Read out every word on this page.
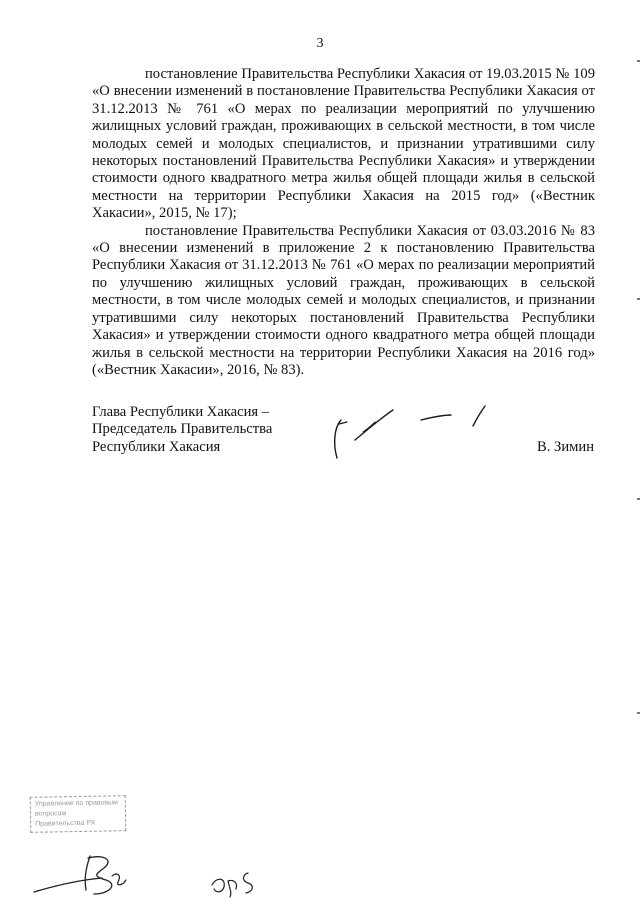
3

постановление Правительства Республики Хакасия от 19.03.2015 № 109 «О внесении изменений в постановление Правительства Республики Хакасия от 31.12.2013 № 761 «О мерах по реализации мероприятий по улучшению жилищных условий граждан, проживающих в сельской местности, в том числе молодых семей и молодых специалистов, и признании утратившими силу некоторых постановлений Правительства Республики Хакасия» и утверждении стоимости одного квадратного метра жилья общей площади жилья в сельской местности на территории Республики Хакасия на 2015 год» («Вестник Хакасии», 2015, № 17);

постановление Правительства Республики Хакасия от 03.03.2016 № 83 «О внесении изменений в приложение 2 к постановлению Правительства Республики Хакасия от 31.12.2013 № 761 «О мерах по реализации мероприятий по улучшению жилищных условий граждан, проживающих в сельской местности, в том числе молодых семей и молодых специалистов, и признании утратившими силу некоторых постановлений Правительства Республики Хакасия» и утверждении стоимости одного квадратного метра общей площади жилья в сельской местности на территории Республики Хакасия на 2016 год» («Вестник Хакасии», 2016, № 83).

Глава Республики Хакасия –
Председатель Правительства
Республики Хакасия	В. Зимин
Управление по правовым
вопросам
Правительства РХ
